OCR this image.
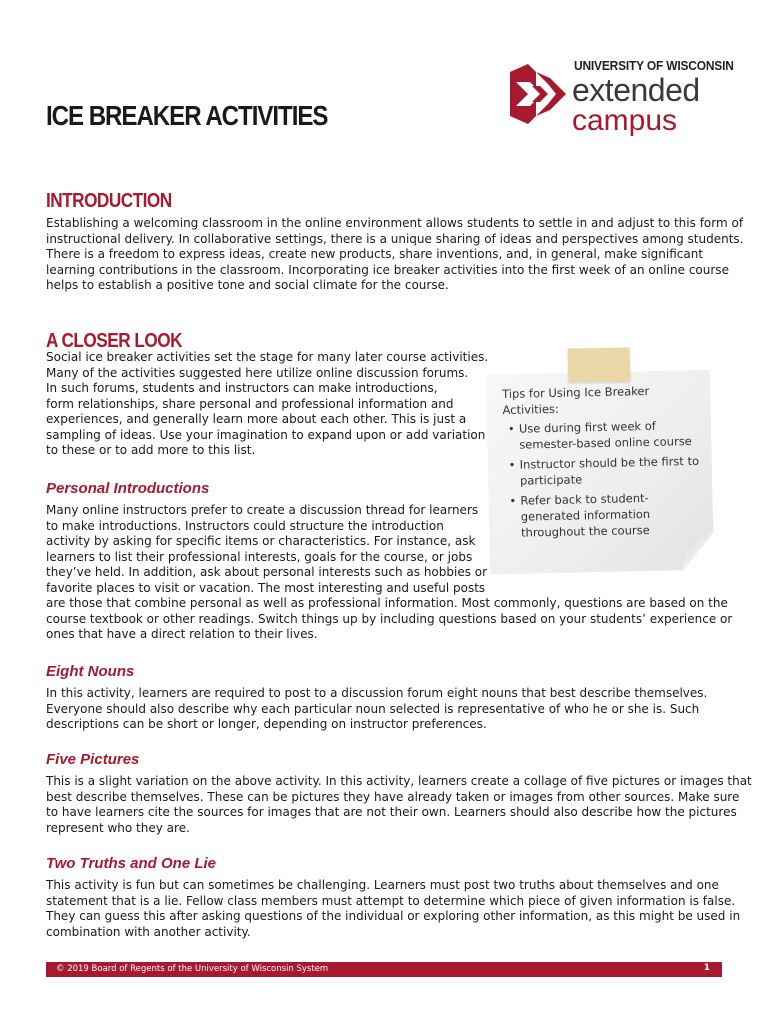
ICE BREAKER ACTIVITIES
UNIVERSITY OF WISCONSIN
extended
campus
INTRODUCTION
Establishing a welcoming classroom in the online environment allows students to settle in and adjust to this form of
instructional delivery. In collaborative settings, there is a unique sharing of ideas and perspectives among students.
There is a freedom to express ideas, create new products, share inventions, and, in general, make significant
learning contributions in the classroom. Incorporating ice breaker activities into the first week of an online course
helps to establish a positive tone and social climate for the course.
A CLOSER LOOK
Social ice breaker activities set the stage for many later course activities.
Many of the activities suggested here utilize online discussion forums.
In such forums, students and instructors can make introductions,
form relationships, share personal and professional information and
experiences, and generally learn more about each other. This is just a
sampling of ideas. Use your imagination to expand upon or add variation
to these or to add more to this list.

Tips for Using Ice Breaker Activities:

• Use during first week of semester-based online course
• Instructor should be the first to participate
• Refer back to student-generated information throughout the course
Personal Introductions
Many online instructors prefer to create a discussion thread for learners
to make introductions. Instructors could structure the introduction
activity by asking for specific items or characteristics. For instance, ask
learners to list their professional interests, goals for the course, or jobs
they’ve held. In addition, ask about personal interests such as hobbies or
favorite places to visit or vacation. The most interesting and useful posts
are those that combine personal as well as professional information. Most commonly, questions are based on the
course textbook or other readings. Switch things up by including questions based on your students’ experience or
ones that have a direct relation to their lives.
Eight Nouns
In this activity, learners are required to post to a discussion forum eight nouns that best describe themselves.
Everyone should also describe why each particular noun selected is representative of who he or she is. Such
descriptions can be short or longer, depending on instructor preferences.
Five Pictures
This is a slight variation on the above activity. In this activity, learners create a collage of five pictures or images that
best describe themselves. These can be pictures they have already taken or images from other sources. Make sure
to have learners cite the sources for images that are not their own. Learners should also describe how the pictures
represent who they are.
Two Truths and One Lie
This activity is fun but can sometimes be challenging. Learners must post two truths about themselves and one
statement that is a lie. Fellow class members must attempt to determine which piece of given information is false.
They can guess this after asking questions of the individual or exploring other information, as this might be used in
combination with another activity.
© 2019 Board of Regents of the University of Wisconsin System	1
